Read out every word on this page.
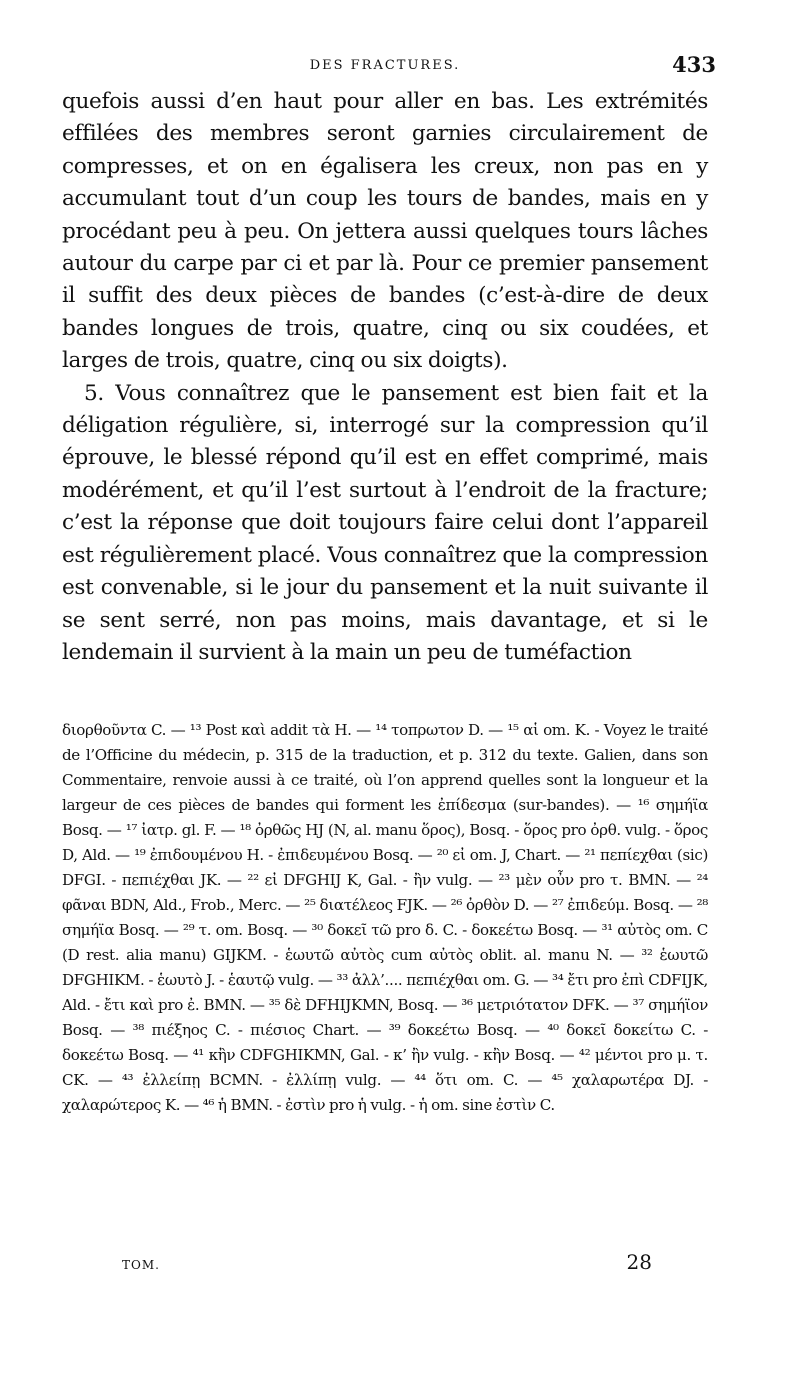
DES FRACTURES.	433

quefois aussi d’en haut pour aller en bas. Les extrémités effilées des membres seront garnies circulairement de compresses, et on en égalisera les creux, non pas en y accumulant tout d’un coup les tours de bandes, mais en y procédant peu à peu. On jettera aussi quelques tours lâches autour du carpe par ci et par là. Pour ce premier pansement il suffit des deux pièces de bandes (c’est-à-dire de deux bandes longues de trois, quatre, cinq ou six coudées, et larges de trois, quatre, cinq ou six doigts).

5. Vous connaîtrez que le pansement est bien fait et la déligation régulière, si, interrogé sur la compression qu’il éprouve, le blessé répond qu’il est en effet comprimé, mais modérément, et qu’il l’est surtout à l’endroit de la fracture; c’est la réponse que doit toujours faire celui dont l’appareil est régulièrement placé. Vous connaîtrez que la compression est convenable, si le jour du pansement et la nuit suivante il se sent serré, non pas moins, mais davantage, et si le lendemain il survient à la main un peu de tuméfaction

διορθοῦντα C. — ¹³ Post καὶ addit τὰ H. — ¹⁴ τοπρωτον D. — ¹⁵ αἱ om. K. - Voyez le traité de l’Officine du médecin, p. 315 de la traduction, et p. 312 du texte. Galien, dans son Commentaire, renvoie aussi à ce traité, où l’on apprend quelles sont la longueur et la largeur de ces pièces de bandes qui forment les ἐπίδεσμα (sur-bandes). — ¹⁶ σημήϊα Bosq. — ¹⁷ ἰατρ. gl. F. — ¹⁸ ὀρθῶς HJ (N, al. manu ὅρος), Bosq. - ὅρος pro ὀρθ. vulg. - ὅρος D, Ald. — ¹⁹ ἐπιδουμένου H. - ἐπιδευμένου Bosq. — ²⁰ εἰ om. J, Chart. — ²¹ πεπίεχθαι (sic) DFGI. - πεπιέχθαι JK. — ²² εἰ DFGHIJ K, Gal. - ἢν vulg. — ²³ μὲν οὖν pro τ. BMN. — ²⁴ φᾶναι BDN, Ald., Frob., Merc. — ²⁵ διατέλεος FJK. — ²⁶ ὀρθὸν D. — ²⁷ ἐπιδεύμ. Bosq. — ²⁸ σημήϊα Bosq. — ²⁹ τ. om. Bosq. — ³⁰ δοκεῖ τῶ pro δ. C. - δοκεέτω Bosq. — ³¹ αὐτὸς om. C (D rest. alia manu) GIJKM. - ἑωυτῶ αὐτὸς cum αὐτὸς oblit. al. manu N. — ³² ἑωυτῶ DFGHIKM. - ἑωυτὸ J. - ἑαυτῷ vulg. — ³³ ἀλλ’.... πεπιέχθαι om. G. — ³⁴ ἔτι pro ἐπὶ CDFIJK, Ald. - ἔτι καὶ pro ἐ. BMN. — ³⁵ δὲ DFHIJKMN, Bosq. — ³⁶ μετριότατον DFK. — ³⁷ σημήϊον Bosq. — ³⁸ πιέξηος C. - πιέσιος Chart. — ³⁹ δοκεέτω Bosq. — ⁴⁰ δοκεῖ δοκείτω C. - δοκεέτω Bosq. — ⁴¹ κἢν CDFGHIKMN, Gal. - κ’ ἢν vulg. - κἢν Bosq. — ⁴² μέντοι pro μ. τ. CK. — ⁴³ ἐλλείπῃ BCMN. - ἐλλίπῃ vulg. — ⁴⁴ ὅτι om. C. — ⁴⁵ χαλαρωτέρα DJ. - χαλαρώτερος K. — ⁴⁶ ἡ BMN. - ἐστὶν pro ἡ vulg. - ἡ om. sine ἐστὶν C.

TOM.	28
